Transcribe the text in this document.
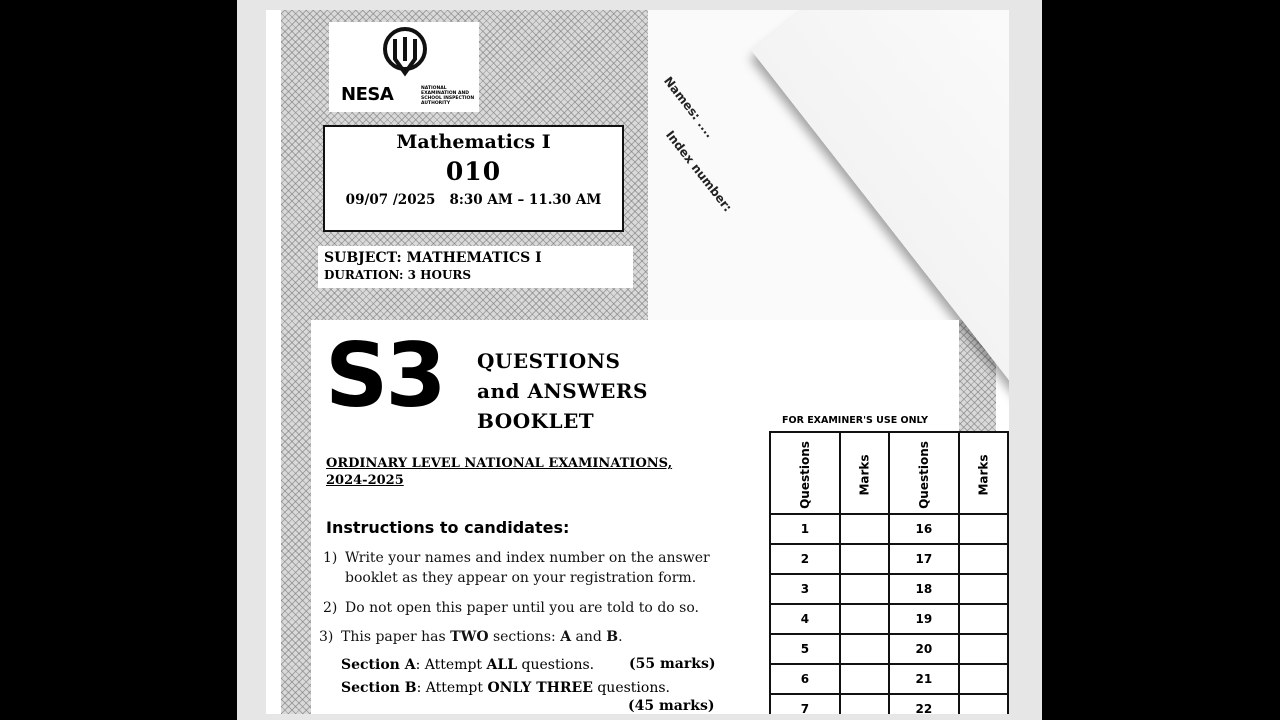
Names: ....
Index number:
NESA	NATIONAL EXAMINATION AND SCHOOL INSPECTION AUTHORITY
Mathematics I
010
09/07 /2025 8:30 AM – 11.30 AM
SUBJECT: MATHEMATICS I
DURATION: 3 HOURS
S3 QUESTIONS
and ANSWERS
BOOKLET
ORDINARY LEVEL NATIONAL EXAMINATIONS,
2024-2025
Instructions to candidates:
1) Write your names and index number on the answer
booklet as they appear on your registration form.
2) Do not open this paper until you are told to do so.
3) This paper has TWO sections: A and B.
Section A: Attempt ALL questions. (55 marks)
Section B: Attempt ONLY THREE questions.
(45 marks)
FOR EXAMINER'S USE ONLY
Questions	Marks	Questions	Marks
1		16	
2		17	
3		18	
4		19	
5		20	
6		21	
7		22	
